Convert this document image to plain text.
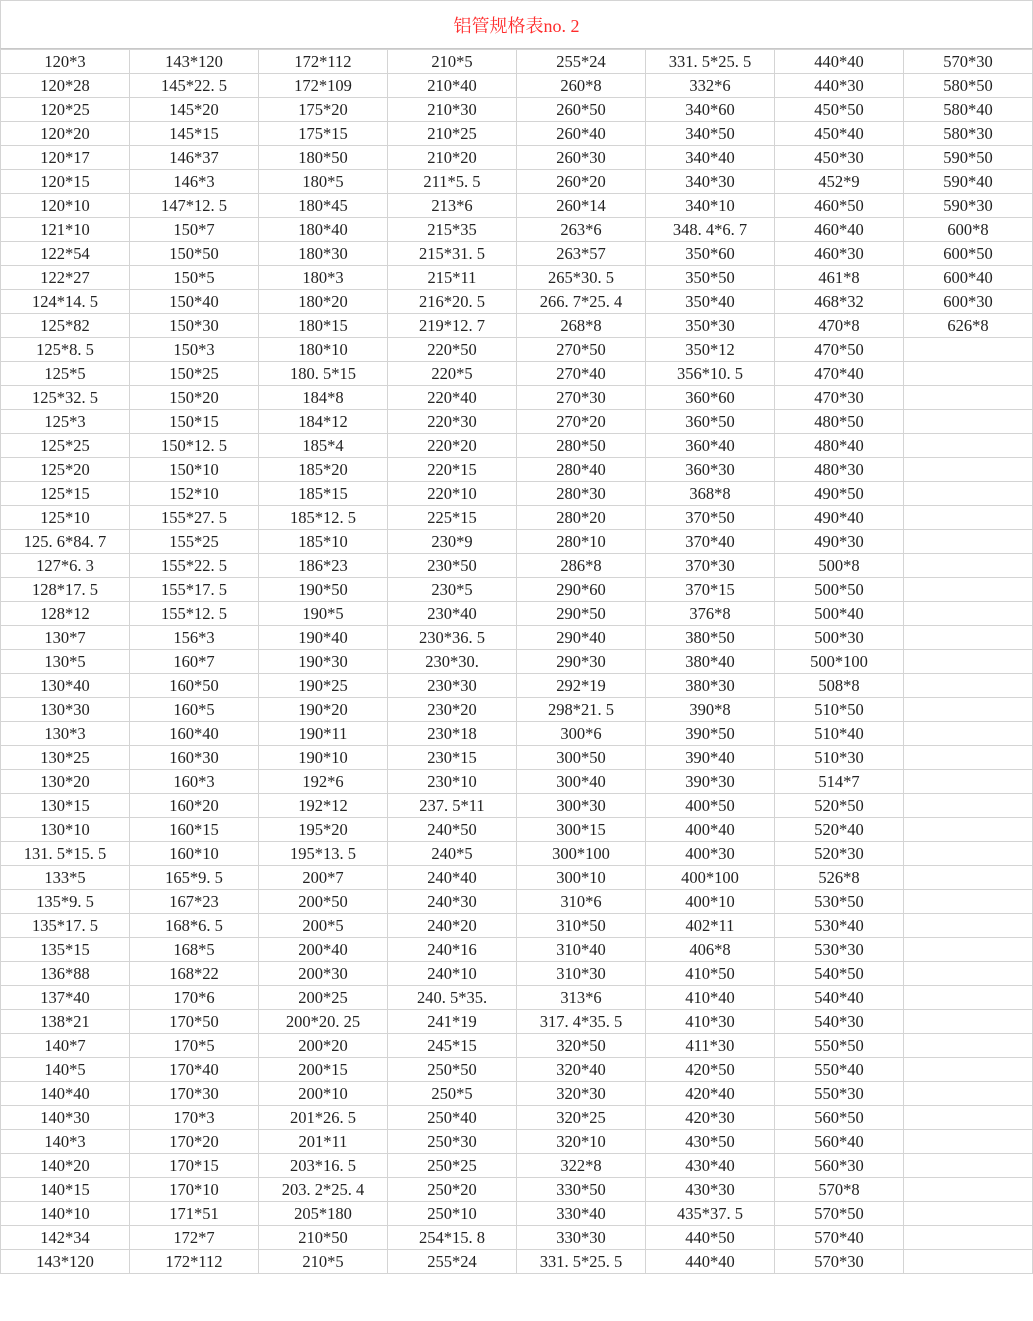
铝管规格表no. 2
120*3	143*120	172*112	210*5	255*24	331. 5*25. 5	440*40	570*30
120*28	145*22. 5	172*109	210*40	260*8	332*6	440*30	580*50
120*25	145*20	175*20	210*30	260*50	340*60	450*50	580*40
120*20	145*15	175*15	210*25	260*40	340*50	450*40	580*30
120*17	146*37	180*50	210*20	260*30	340*40	450*30	590*50
120*15	146*3	180*5	211*5. 5	260*20	340*30	452*9	590*40
120*10	147*12. 5	180*45	213*6	260*14	340*10	460*50	590*30
121*10	150*7	180*40	215*35	263*6	348. 4*6. 7	460*40	600*8
122*54	150*50	180*30	215*31. 5	263*57	350*60	460*30	600*50
122*27	150*5	180*3	215*11	265*30. 5	350*50	461*8	600*40
124*14. 5	150*40	180*20	216*20. 5	266. 7*25. 4	350*40	468*32	600*30
125*82	150*30	180*15	219*12. 7	268*8	350*30	470*8	626*8
125*8. 5	150*3	180*10	220*50	270*50	350*12	470*50	
125*5	150*25	180. 5*15	220*5	270*40	356*10. 5	470*40	
125*32. 5	150*20	184*8	220*40	270*30	360*60	470*30	
125*3	150*15	184*12	220*30	270*20	360*50	480*50	
125*25	150*12. 5	185*4	220*20	280*50	360*40	480*40	
125*20	150*10	185*20	220*15	280*40	360*30	480*30	
125*15	152*10	185*15	220*10	280*30	368*8	490*50	
125*10	155*27. 5	185*12. 5	225*15	280*20	370*50	490*40	
125. 6*84. 7	155*25	185*10	230*9	280*10	370*40	490*30	
127*6. 3	155*22. 5	186*23	230*50	286*8	370*30	500*8	
128*17. 5	155*17. 5	190*50	230*5	290*60	370*15	500*50	
128*12	155*12. 5	190*5	230*40	290*50	376*8	500*40	
130*7	156*3	190*40	230*36. 5	290*40	380*50	500*30	
130*5	160*7	190*30	230*30.	290*30	380*40	500*100	
130*40	160*50	190*25	230*30	292*19	380*30	508*8	
130*30	160*5	190*20	230*20	298*21. 5	390*8	510*50	
130*3	160*40	190*11	230*18	300*6	390*50	510*40	
130*25	160*30	190*10	230*15	300*50	390*40	510*30	
130*20	160*3	192*6	230*10	300*40	390*30	514*7	
130*15	160*20	192*12	237. 5*11	300*30	400*50	520*50	
130*10	160*15	195*20	240*50	300*15	400*40	520*40	
131. 5*15. 5	160*10	195*13. 5	240*5	300*100	400*30	520*30	
133*5	165*9. 5	200*7	240*40	300*10	400*100	526*8	
135*9. 5	167*23	200*50	240*30	310*6	400*10	530*50	
135*17. 5	168*6. 5	200*5	240*20	310*50	402*11	530*40	
135*15	168*5	200*40	240*16	310*40	406*8	530*30	
136*88	168*22	200*30	240*10	310*30	410*50	540*50	
137*40	170*6	200*25	240. 5*35.	313*6	410*40	540*40	
138*21	170*50	200*20. 25	241*19	317. 4*35. 5	410*30	540*30	
140*7	170*5	200*20	245*15	320*50	411*30	550*50	
140*5	170*40	200*15	250*50	320*40	420*50	550*40	
140*40	170*30	200*10	250*5	320*30	420*40	550*30	
140*30	170*3	201*26. 5	250*40	320*25	420*30	560*50	
140*3	170*20	201*11	250*30	320*10	430*50	560*40	
140*20	170*15	203*16. 5	250*25	322*8	430*40	560*30	
140*15	170*10	203. 2*25. 4	250*20	330*50	430*30	570*8	
140*10	171*51	205*180	250*10	330*40	435*37. 5	570*50	
142*34	172*7	210*50	254*15. 8	330*30	440*50	570*40	
143*120	172*112	210*5	255*24	331. 5*25. 5	440*40	570*30	
